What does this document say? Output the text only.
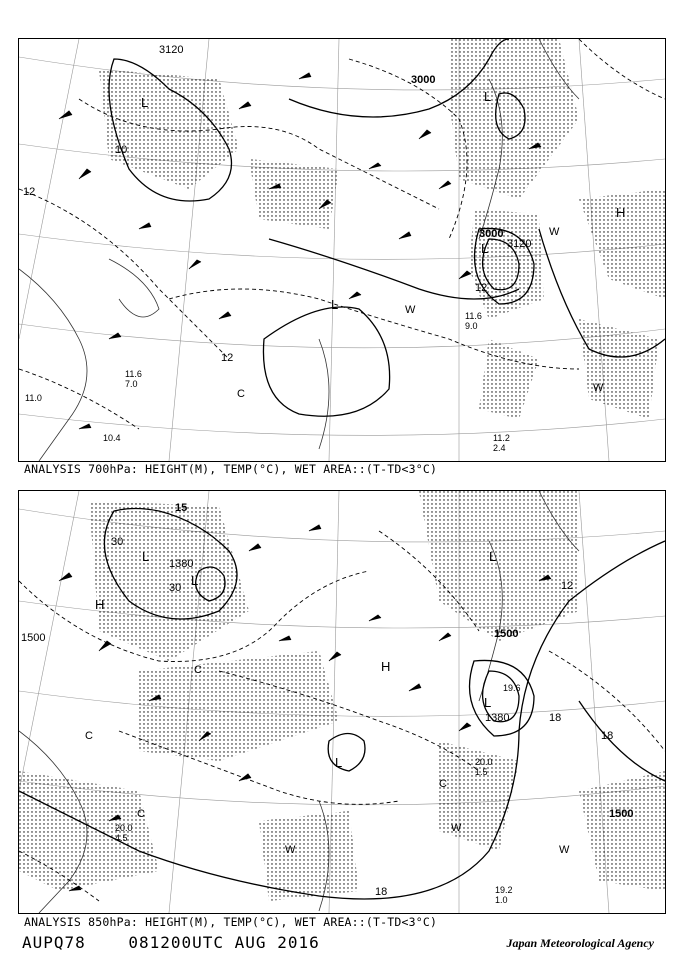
3120
3000
3120
3000
12
12
10
12
L	L
L
L
H
W
W
W
C
11.6
9.0
11.2
2.4
11.6
7.0
10.4
11.0
ANALYSIS 700hPa: HEIGHT(M), TEMP(°C), WET AREA::(T-TD<3°C)
1500
1380
1500
1380
1500
15
30
30	12
18
18
18
L
L
H
H
L
L
L
C
C
C
W	W
W
C
20.0
1.5
19.2
1.0
19.6
20.0
4.5
ANALYSIS 850hPa: HEIGHT(M), TEMP(°C), WET AREA::(T-TD<3°C)
AUPQ78	081200UTC AUG 2016	Japan Meteorological Agency
